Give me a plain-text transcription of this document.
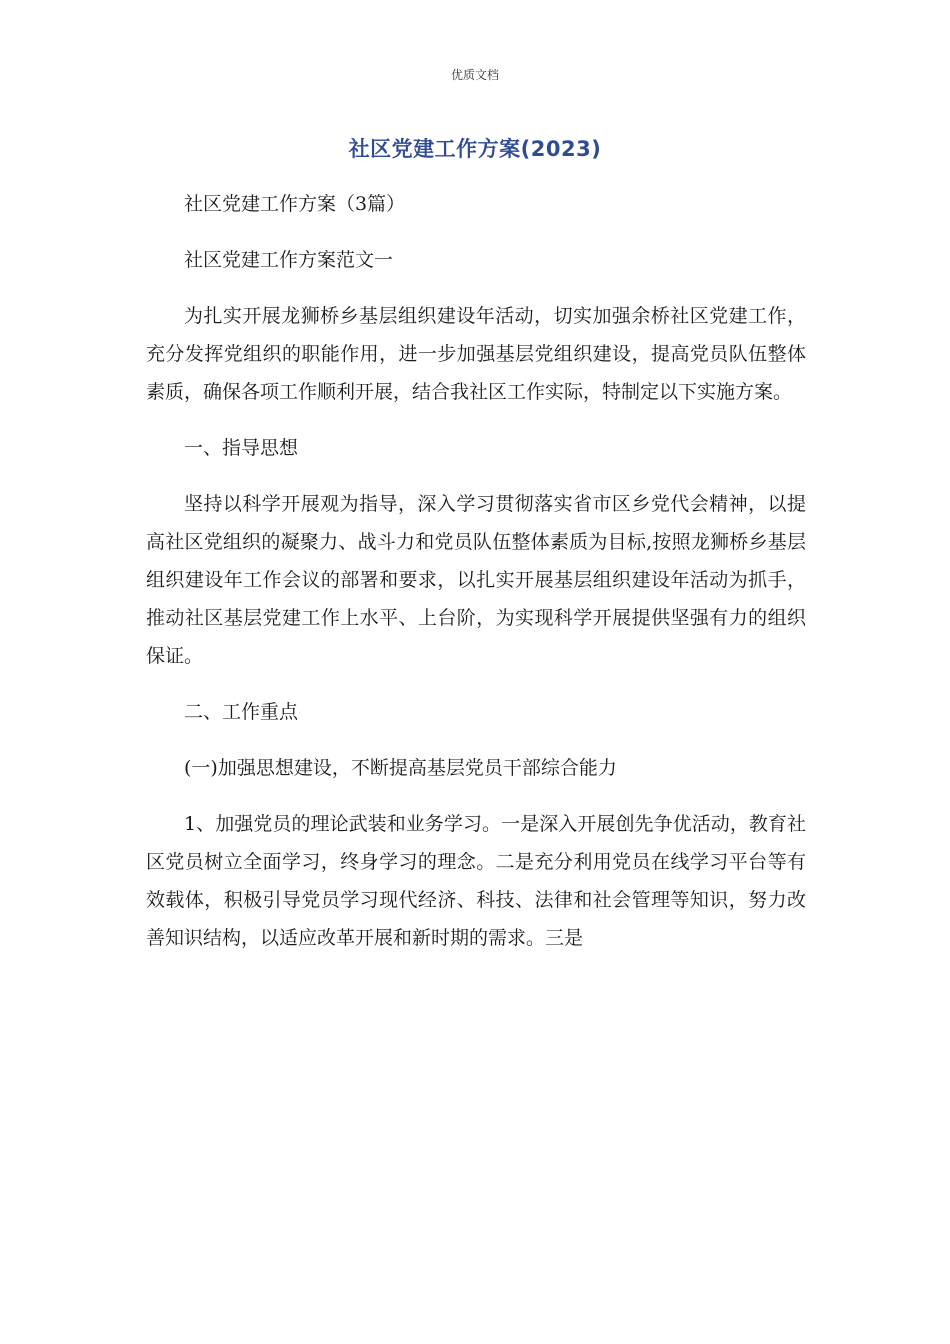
优质文档
社区党建工作方案(2023)

社区党建工作方案（3篇）

社区党建工作方案范文一

为扎实开展龙狮桥乡基层组织建设年活动，切实加强余桥社区党建工作，充分发挥党组织的职能作用，进一步加强基层党组织建设，提高党员队伍整体素质，确保各项工作顺利开展，结合我社区工作实际，特制定以下实施方案。

一、指导思想

坚持以科学开展观为指导，深入学习贯彻落实省市区乡党代会精神，以提高社区党组织的凝聚力、战斗力和党员队伍整体素质为目标,按照龙狮桥乡基层组织建设年工作会议的部署和要求，以扎实开展基层组织建设年活动为抓手，推动社区基层党建工作上水平、上台阶，为实现科学开展提供坚强有力的组织保证。

二、工作重点

(一)加强思想建设，不断提高基层党员干部综合能力

1、加强党员的理论武装和业务学习。一是深入开展创先争优活动，教育社区党员树立全面学习，终身学习的理念。二是充分利用党员在线学习平台等有效载体，积极引导党员学习现代经济、科技、法律和社会管理等知识，努力改善知识结构，以适应改革开展和新时期的需求。三是
